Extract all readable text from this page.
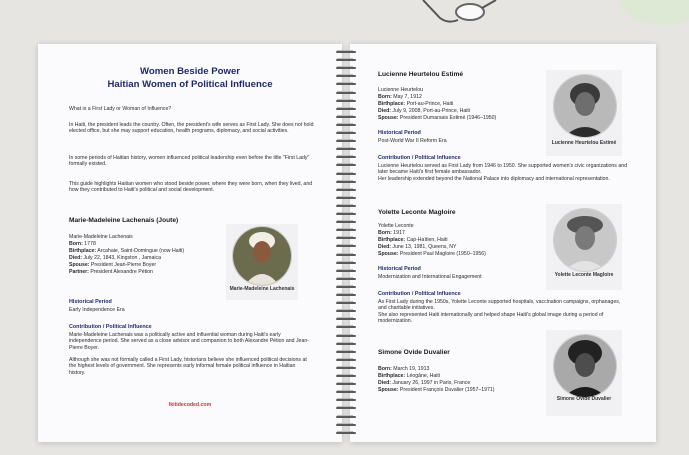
Women Beside Power
Haitian Women of Political Influence
What is a First Lady or Woman of Influence?
In Haiti, the president leads the country. Often, the president's wife serves as First Lady. She does not hold elected office, but she may support education, health programs, diplomacy, and social activities.
In some periods of Haitian history, women influenced political leadership even before the title "First Lady" formally existed.
This guide highlights Haitian women who stood beside power, where they were born, when they lived, and how they contributed to Haiti's political and social development.
Marie-Madeleine Lachenais (Joute)
Marie-Madeleine Lachenais
Born: 1778
Birthplace: Arcahaie, Saint-Domingue (now Haiti)
Died: July 22, 1843, Kingston , Jamaica
Spouse: President Jean-Pierre Boyer
Partner: President Alexandre Pétion
Marie-Madeleine Lachenais
Historical Period
Early Independence Era
Contribution / Political Influence
Marie-Madeleine Lachenais was a politically active and influential woman during Haiti's early independence period. She served as a close advisor and companion to both Alexandre Pétion and Jean-Pierre Boyer.
Although she was not formally called a First Lady, historians believe she influenced political decisions at the highest levels of government. She represents early informal female political influence in Haitian history.
lkitidecoded.com
Lucienne Heurtelou Estimé
Lucienne Heurtelou
Born: May 7, 1912
Birthplace: Port-au-Prince, Haiti
Died: July 9, 2008, Port-au-Prince, Haiti
Spouse: President Dumarsais Estimé (1946–1950)
Historical Period
Post-World War II Reform Era
Contribution / Political Influence
Lucienne Heurtelou served as First Lady from 1946 to 1950. She supported women's civic organizations and later became Haiti's first female ambassador.
Her leadership extended beyond the National Palace into diplomacy and international representation.
Lucienne Heurtelou Estimé
Yolette Leconte Magloire
Yolette Leconte
Born: 1917
Birthplace: Cap-Haïtien, Haiti
Died: June 13, 1981, Queens, NY
Spouse: President Paul Magloire (1950–1956)
Historical Period
Modernization and International Engagement
Contribution / Political Influence
As First Lady during the 1950s, Yolette Leconte supported hospitals, vaccination campaigns, orphanages, and charitable initiatives.
She also represented Haiti internationally and helped shape Haiti's global image during a period of modernization.
Yolette Leconte Magloire
Simone Ovide Duvalier
Born: March 19, 1913
Birthplace: Léogâne, Haiti
Died: January 26, 1997 in Paris, France
Spouse: President François Duvalier (1957–1971)
Simone Ovide Duvalier
